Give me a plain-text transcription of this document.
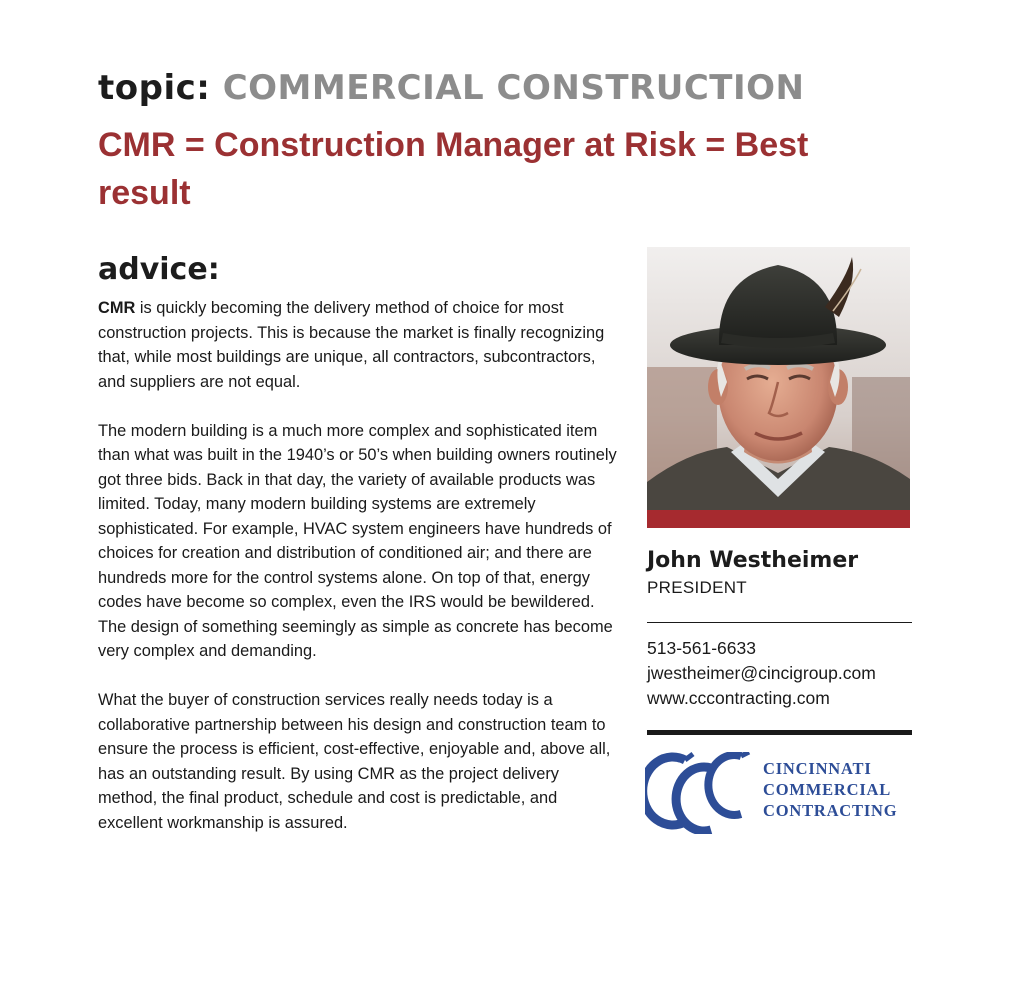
topic: COMMERCIAL CONSTRUCTION
CMR = Construction Manager at Risk = Best result
advice:

CMR is quickly becoming the delivery method of choice for most construction projects. This is because the market is finally recognizing that, while most buildings are unique, all contractors, subcontractors, and suppliers are not equal.

The modern building is a much more complex and sophisticated item than what was built in the 1940’s or 50’s when building owners routinely got three bids. Back in that day, the variety of available products was limited. Today, many modern building systems are extremely sophisticated. For example, HVAC system engineers have hundreds of choices for creation and distribution of conditioned air; and there are hundreds more for the control systems alone. On top of that, energy codes have become so complex, even the IRS would be bewildered. The design of something seemingly as simple as concrete has become very complex and demanding.

What the buyer of construction services really needs today is a collaborative partnership between his design and construction team to ensure the process is efficient, cost-effective, enjoyable and, above all, has an outstanding result. By using CMR as the project delivery method, the final product, schedule and cost is predictable, and excellent workmanship is assured.

John Westheimer
PRESIDENT
513-561-6633
jwestheimer@cincigroup.com
www.cccontracting.com
CINCINNATI
COMMERCIAL
CONTRACTING
